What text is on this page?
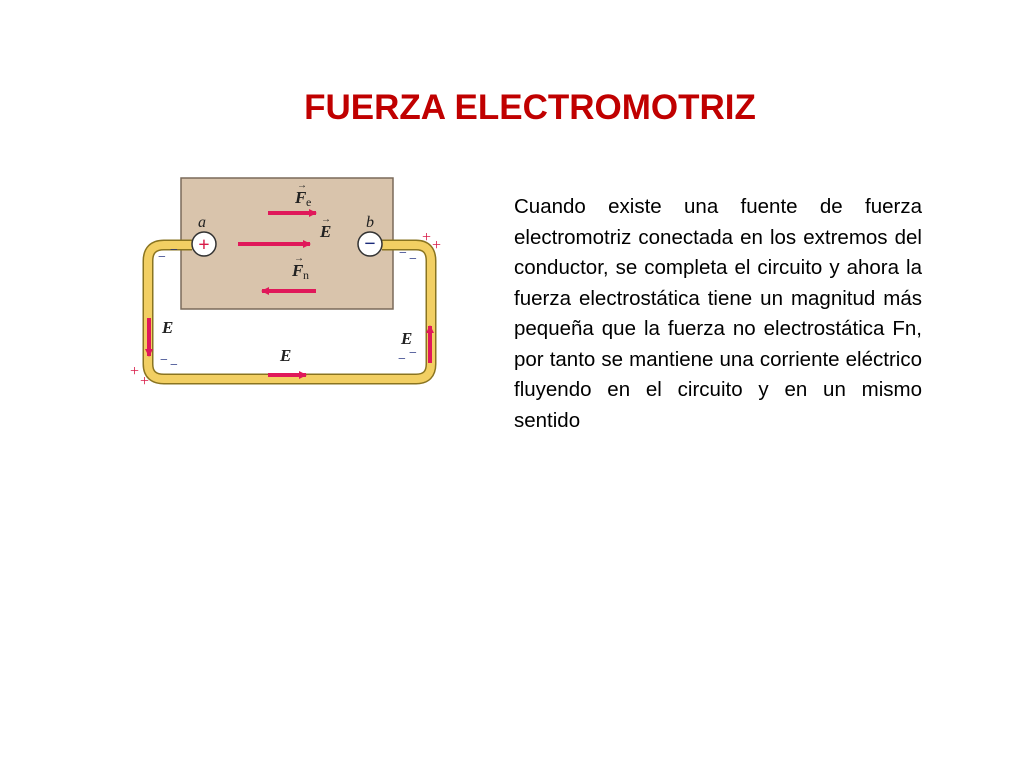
FUERZA ELECTROMOTRIZ
+
a
−
b
→
F e
→
E
→
F n
E
E
E
− −
− −
+
+
− −
− −
+ +

Cuando existe una fuente de fuerza electromotriz conectada en los extremos del conductor, se completa el circuito y ahora la fuerza electrostática tiene un magnitud más pequeña que la fuerza no electrostática Fn, por tanto se mantiene una corriente eléctrico fluyendo en el circuito y en un mismo sentido
